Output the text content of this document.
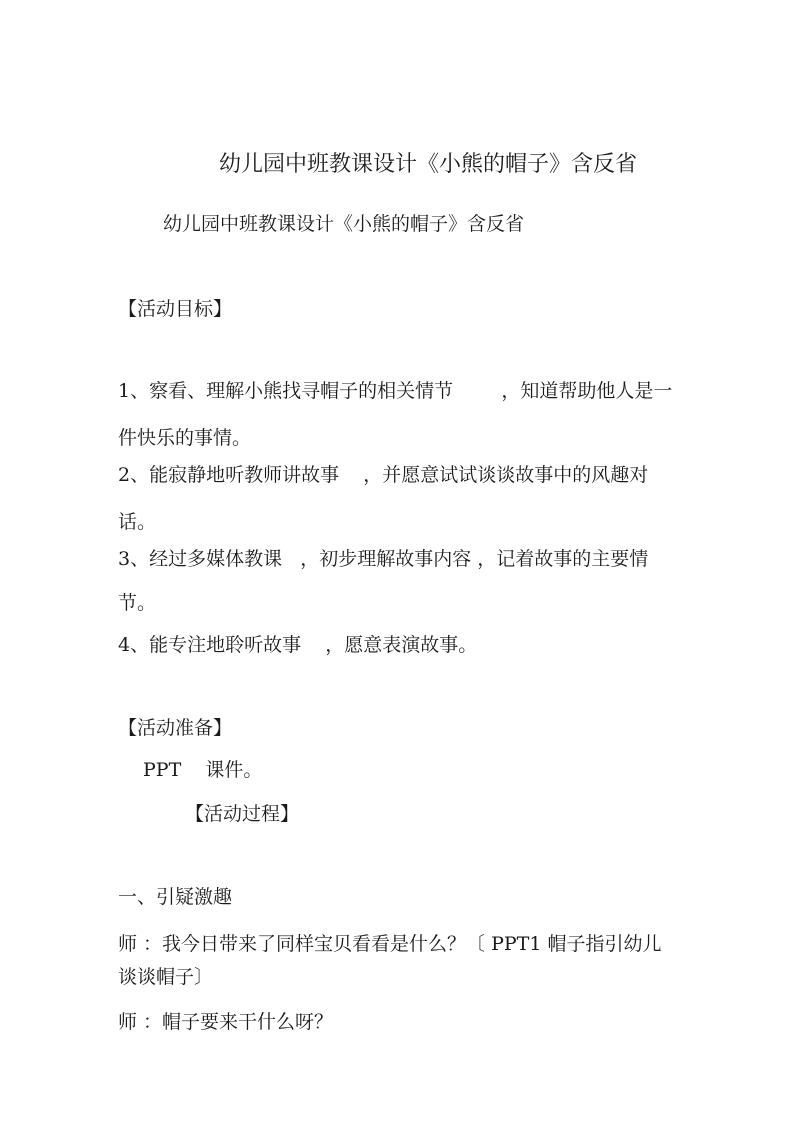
幼儿园中班教课设计《小熊的帽子》含反省
幼儿园中班教课设计《小熊的帽子》含反省
【活动目标】
1、察看、理解小熊找寻帽子的相关情节        ，知道帮助他人是一
件快乐的事情。
2、能寂静地听教师讲故事    ，并愿意试试谈谈故事中的风趣对
话。
3、经过多媒体教课   ，初步理解故事内容 ，记着故事的主要情
节。
4、能专注地聆听故事    ，愿意表演故事。
【活动准备】
PPT    课件。
【活动过程】
一、引疑激趣
师 ：我今日带来了同样宝贝看看是什么？〔 PPT1 帽子指引幼儿
谈谈帽子〕
师 ：帽子要来干什么呀？
